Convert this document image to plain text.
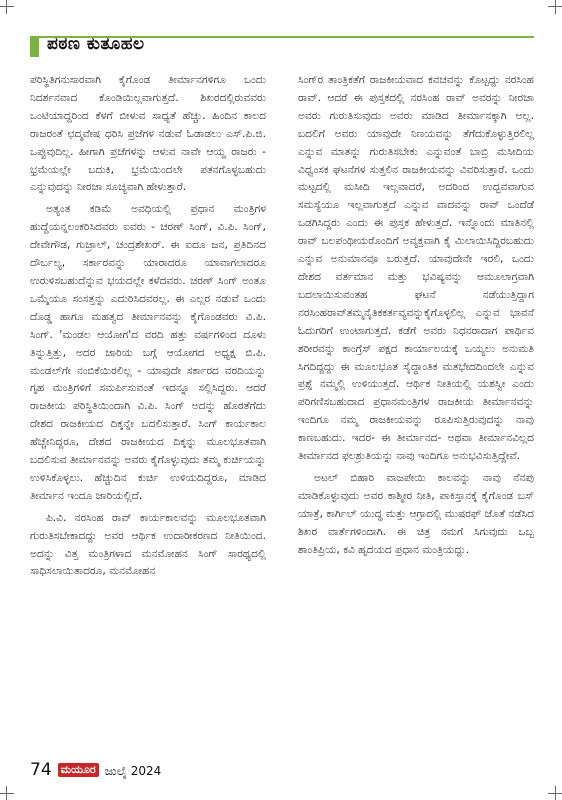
ಪಠಣ ಕುತೂಹಲ

ಪರಿಸ್ಥಿತಿಗನುಸಾರವಾಗಿ ಕೈಗೊಂಡ ತೀರ್ಮಾನಗಳಿಗೂ ಒಂದು ನಿದರ್ಶನವಾದ ಕೊಂಡಿಯಿಲ್ಲವಾಗುತ್ತದೆ. ಶಿಖರದಲ್ಲಿರುವವರು ಒಂಟಿಯಾದ್ದರಿಂದ ಕೆಳಗೆ ಬೀಳುವ ಸಾಧ್ಯತೆ ಹೆಚ್ಚು. ಹಿಂದಿನ ಕಾಲದ ರಾಜರಂತೆ ಛದ್ಮವೇಷ ಧರಿಸಿ ಪ್ರಜೆಗಳ ನಡುವೆ ಓಡಾಡಲು ಎಸ್.ಪಿ.ಜಿ. ಒಪ್ಪುವುದಿಲ್ಲ. ಹೀಗಾಗಿ ಪ್ರಜೆಗಳನ್ನು ಆಳುವ ನಾವೇ ಆಯ್ದ ರಾಜರು - ಭ್ರಮೆಯಲ್ಲೇ ಬದುಕಿ, ಭ್ರಮೆಯಿಂದಲೇ ಪತನಗೊಳ್ಳಬಹುದು ಎನ್ನುವುದನ್ನು ನೀರಜಾ ಸೂಚ್ಯವಾಗಿ ಹೇಳುತ್ತಾರೆ.

ಅತ್ಯಂತ ಕಡಿಮೆ ಅವಧಿಯಲ್ಲಿ ಪ್ರಧಾನ ಮಂತ್ರಿಗಳ ಹುದ್ದೆಯನ್ನಲಂಕರಿಸಿದವರು ಐವರು - ಚರಣ್ ಸಿಂಗ್, ವಿ.ಪಿ. ಸಿಂಗ್, ದೇವೇಗೌಡ, ಗುಜ್ರಾಲ್, ಚಂದ್ರಶೇಖರ್. ಈ ಐದೂ ಜನ, ಪ್ರತಿದಿನದ ದೌರ್ಬಲ್ಯ, ಸರ್ಕಾರವನ್ನು ಯಾರಾದರೂ ಯಾವಾಗಲಾದರೂ ಉರುಳಿಸಬಹುದೆನ್ನುವ ಭಯದಲ್ಲೇ ಕಳೆದವರು. ಚರಣ್ ಸಿಂಗ್ ಅಂತೂ ಒಮ್ಮೆಯೂ ಸಂಸತ್ತನ್ನು ಎದುರಿಸಿದವರಲ್ಲ. ಈ ಎಲ್ಲರ ನಡುವೆ ಒಂದು ದೊಡ್ಡ ಹಾಗೂ ಮಹತ್ವದ ತೀರ್ಮಾನವನ್ನು ಕೈಗೊಂಡವರು ವಿ.ಪಿ. ಸಿಂಗ್. 'ಮಂಡಲ ಆಯೋಗ'ದ ವರದಿ ಹತ್ತು ವರ್ಷಗಳಿಂದ ದೂಳು ತಿನ್ನುತ್ತಿತ್ತು, ಅದರ ಜಾರಿಯ ಬಗ್ಗೆ ಆಯೋಗದ ಅಧ್ಯಕ್ಷ ಬಿ.ಪಿ. ಮಂಡಲ್‌ಗೇ ನಂಬಿಕೆಯಿರಲಿಲ್ಲ - ಯಾವುದೇ ಸರ್ಕಾರದ ವರದಿಯನ್ನು ಗೃಹ ಮಂತ್ರಿಗಳಿಗೆ ಸಮರ್ಪಿಸುವಂತೆ ಇದನ್ನೂ ಸಲ್ಲಿಸಿದ್ದರು. ಆದರೆ ರಾಜಕೀಯ ಪರಿಸ್ಥಿತಿಯಿಂದಾಗಿ ವಿ.ಪಿ. ಸಿಂಗ್ ಅದನ್ನು ಹೊರತೆಗೆದು ದೇಶದ ರಾಜಕೀಯದ ದಿಕ್ಕನ್ನೇ ಬದಲಿಸುತ್ತಾರೆ. ಸಿಂಗ್ ಕಾರ್ಯಕಾಲ ಹೆಚ್ಚೇನಿದ್ದರೂ, ದೇಶದ ರಾಜಕೀಯದ ದಿಕ್ಕನ್ನು ಮೂಲಭೂತವಾಗಿ ಬದಲಿಸುವ ತೀರ್ಮಾನವನ್ನು ಅವರು ಕೈಗೊಳ್ಳುವುದು ತಮ್ಮ ಕುರ್ಚಿಯನ್ನು ಉಳಿಸಿಕೊಳ್ಳಲು. ಹೆಚ್ಚುದಿನ ಕುರ್ಚಿ ಉಳಿಯದಿದ್ದರೂ, ಮಾಡಿದ ತೀರ್ಮಾನ ಇಂದೂ ಜಾರಿಯಲ್ಲಿದೆ.

ಪಿ.ವಿ. ನರಸಿಂಹ ರಾವ್ ಕಾರ್ಯಕಾಲವನ್ನು ಮೂಲಭೂತವಾಗಿ ಗುರುತಿಸಬೇಕಾದದ್ದು ಅವರ ಆರ್ಥಿಕ ಉದಾರೀಕರಣದ ನೀತಿಯಿಂದ. ಅದನ್ನು ವಿತ್ತ ಮಂತ್ರಿಗಳಾದ ಮನಮೋಹನ ಸಿಂಗ್ ಸಾರಥ್ಯದಲ್ಲಿ ಸಾಧಿಸಲಾಯಿತಾದರೂ, ಮನಮೋಹನ

ಸಿಂಗ್‌ರ ತಾಂತ್ರಿಕತೆಗೆ ರಾಜಕೀಯವಾದ ಕವಚವನ್ನು ಕೊಟ್ಟದ್ದು ನರಸಿಂಹ ರಾವ್. ಆದರೆ ಈ ಪುಸ್ತಕದಲ್ಲಿ ನರಸಿಂಹ ರಾವ್ ಅವರನ್ನು ನೀರಜಾ ಅವರು ಗುರುತಿಸುವುದು ಅವರು ಮಾಡಿದ ತೀರ್ಮಾನಕ್ಕಾಗಿ ಅಲ್ಲ. ಬದಲಿಗೆ ಅವರು ಯಾವುದೇ ನಿಣಯವನ್ನು ತೆಗೆದುಕೊಳ್ಳುತ್ತಿರಲಿಲ್ಲ ಎನ್ನುವ ಮಾತನ್ನು ಗುರುತಿಸಬೇಕು ಎನ್ನುವಂತೆ ಬಾಬ್ರಿ ಮಸೀದಿಯ ವಿಧ್ವಂಸಕ ಘಟನೆಗಳ ಸುತ್ತಲಿನ ರಾಜಕೀಯವನ್ನು ವಿವರಿಸುತ್ತಾರೆ. ಒಂದು ಮಟ್ಟದಲ್ಲಿ ಮಸೀದಿ ಇಲ್ಲವಾದರೆ, ಅದರಿಂದ ಉದ್ಭವವಾಗುವ ಸಮಸ್ಯೆಯೂ ಇಲ್ಲವಾಗುತ್ತದೆ ಎನ್ನುವ ವಾದವನ್ನು ರಾವ್ ಒಂದೆಡೆ ಒಡಗಿಸಿದ್ದರು ಎಂದು ಈ ಪುಸ್ತಕ ಹೇಳುತ್ತದೆ. ಇನ್ನೊಂದು ಮಾತಿನಲ್ಲಿ ರಾವ್ ಬಲಪಂಥೀಯರೊಂದಿಗೆ ಅವ್ಯಕ್ತವಾಗಿ ಕೈ ಮಿಲಾಯಿಸಿದ್ದಿರಬಹುದು ಎನ್ನುವ ಅನುಮಾನವೂ ಬರುತ್ತದೆ. ಯಾವುದೇನೇ ಇರಲಿ, ಒಂದು ದೇಶದ ವರ್ತಮಾನ ಮತ್ತು ಭವಿಷ್ಯವನ್ನು ಆಮೂಲಾಗ್ರವಾಗಿ ಬದಲಾಯಿಸುವಂತಹ ಘಟನೆ ನಡೆಯುತ್ತಿದ್ದಾಗ ನರಸಿಂಹರಾವ್‌ತಮ್ಮನೈತಿಕಕರ್ತವ್ಯವನ್ನುಕೈಗೊಳ್ಳಲಿಲ್ಲ ಎನ್ನುವ ಭಾವನೆ ಓದುಗರಿಗೆ ಉಂಟಾಗುತ್ತದೆ. ಕಡೆಗೆ ಅವರು ನಿಧನರಾದಾಗ ಪಾರ್ಥಿವ ಶರೀರವನ್ನು ಕಾಂಗ್ರೆಸ್ ಪಕ್ಷದ ಕಾರ್ಯಾಲಯಕ್ಕೆ ಒಯ್ಯಲು ಅನುಮತಿ ಸಿಗದಿದ್ದದ್ದು ಈ ಮೂಲಭೂತ ಸೈದ್ಧಾಂತಿಕ ಮತಭೇದದಿಂದಲೇ ಎನ್ನುವ ಪ್ರಶ್ನೆ ನಮ್ಮಲ್ಲಿ ಉಳಿಯುತ್ತದೆ. ಆರ್ಥಿಕ ನೀತಿಯಲ್ಲಿ ಯಶಸ್ವೀ ಎಂದು ಪರಿಗಣಿಸಬಹುದಾದ ಪ್ರಧಾನಮಂತ್ರಿಗಳ ರಾಜಕೀಯ ತೀರ್ಮಾನವನ್ನು ಇಂದಿಗೂ ನಮ್ಮ ರಾಜಕೀಯವನ್ನು ರೂಪಿಸುತ್ತಿರುವುದನ್ನು ನಾವು ಕಾಣಬಹುದು. ಇದರ- ಈ ತೀರ್ಮಾನದ- ಅಥವಾ ತೀರ್ಮಾನವಿಲ್ಲದ ತೀರ್ಮಾನದ ಫಲಶ್ರುತಿಯನ್ನು ನಾವು ಇಂದಿಗೂ ಅನುಭವಿಸುತ್ತಿದ್ದೇವೆ.

ಅಟಲ್ ಬಿಹಾರಿ ವಾಜಪೇಯಿ ಕಾಲವನ್ನು ನಾವು ನೆನಪು ಮಾಡಿಕೊಳ್ಳುವುದು ಅವರ ಕಾಶ್ಮೀರ ನೀತಿ, ಪಾಕಿಸ್ತಾನಕ್ಕೆ ಕೈಗೊಂಡ ಬಸ್ ಯಾತ್ರೆ, ಕಾರ್ಗಿಲ್ ಯುದ್ಧ ಮತ್ತು ಆಗ್ರಾದಲ್ಲಿ ಮುಷರಫ್ ಜೊತೆ ನಡೆಸಿದ ಶಿಖರ ವಾರ್ತೆಗಳಿಂದಾಗಿ. ಈ ಚಿತ್ರ ನಮಗೆ ಸಿಗುವುದು ಒಬ್ಬ ಶಾಂತಿಪ್ರಿಯ, ಕವಿ ಹೃದಯದ ಪ್ರಧಾನ ಮಂತ್ರಿಯದ್ದು.

74 ಮಯೂರ ಜುಲೈ 2024
